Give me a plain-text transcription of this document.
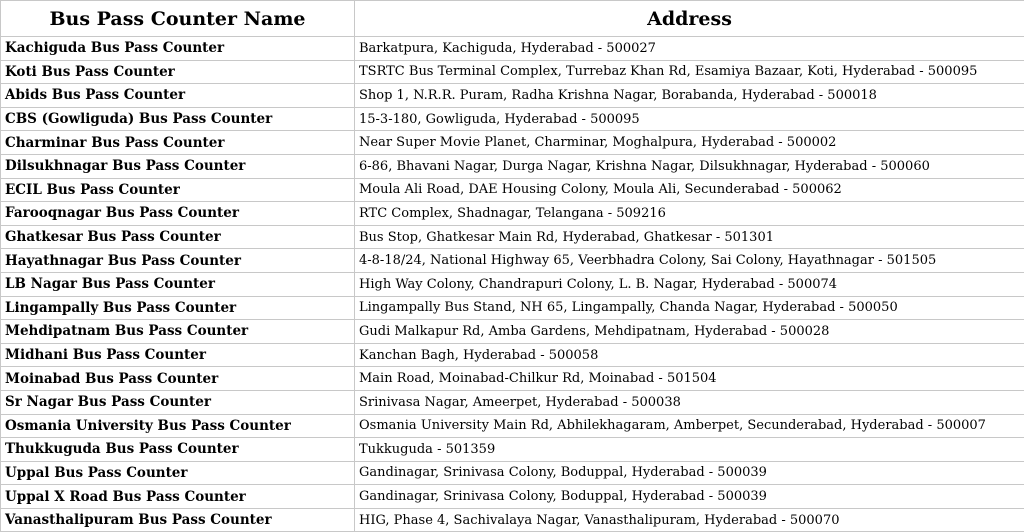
Bus Pass Counter Name	Address
Kachiguda Bus Pass Counter	Barkatpura, Kachiguda, Hyderabad - 500027
Koti Bus Pass Counter	TSRTC Bus Terminal Complex, Turrebaz Khan Rd, Esamiya Bazaar, Koti, Hyderabad - 500095
Abids Bus Pass Counter	Shop 1, N.R.R. Puram, Radha Krishna Nagar, Borabanda, Hyderabad - 500018
CBS (Gowliguda) Bus Pass Counter	15-3-180, Gowliguda, Hyderabad - 500095
Charminar Bus Pass Counter	Near Super Movie Planet, Charminar, Moghalpura, Hyderabad - 500002
Dilsukhnagar Bus Pass Counter	6-86, Bhavani Nagar, Durga Nagar, Krishna Nagar, Dilsukhnagar, Hyderabad - 500060
ECIL Bus Pass Counter	Moula Ali Road, DAE Housing Colony, Moula Ali, Secunderabad - 500062
Farooqnagar Bus Pass Counter	RTC Complex, Shadnagar, Telangana - 509216
Ghatkesar Bus Pass Counter	Bus Stop, Ghatkesar Main Rd, Hyderabad, Ghatkesar - 501301
Hayathnagar Bus Pass Counter	4-8-18/24, National Highway 65, Veerbhadra Colony, Sai Colony, Hayathnagar - 501505
LB Nagar Bus Pass Counter	High Way Colony, Chandrapuri Colony, L. B. Nagar, Hyderabad - 500074
Lingampally Bus Pass Counter	Lingampally Bus Stand, NH 65, Lingampally, Chanda Nagar, Hyderabad - 500050
Mehdipatnam Bus Pass Counter	Gudi Malkapur Rd, Amba Gardens, Mehdipatnam, Hyderabad - 500028
Midhani Bus Pass Counter	Kanchan Bagh, Hyderabad - 500058
Moinabad Bus Pass Counter	Main Road, Moinabad-Chilkur Rd, Moinabad - 501504
Sr Nagar Bus Pass Counter	Srinivasa Nagar, Ameerpet, Hyderabad - 500038
Osmania University Bus Pass Counter	Osmania University Main Rd, Abhilekhagaram, Amberpet, Secunderabad, Hyderabad - 500007
Thukkuguda Bus Pass Counter	Tukkuguda - 501359
Uppal Bus Pass Counter	Gandinagar, Srinivasa Colony, Boduppal, Hyderabad - 500039
Uppal X Road Bus Pass Counter	Gandinagar, Srinivasa Colony, Boduppal, Hyderabad - 500039
Vanasthalipuram Bus Pass Counter	HIG, Phase 4, Sachivalaya Nagar, Vanasthalipuram, Hyderabad - 500070
